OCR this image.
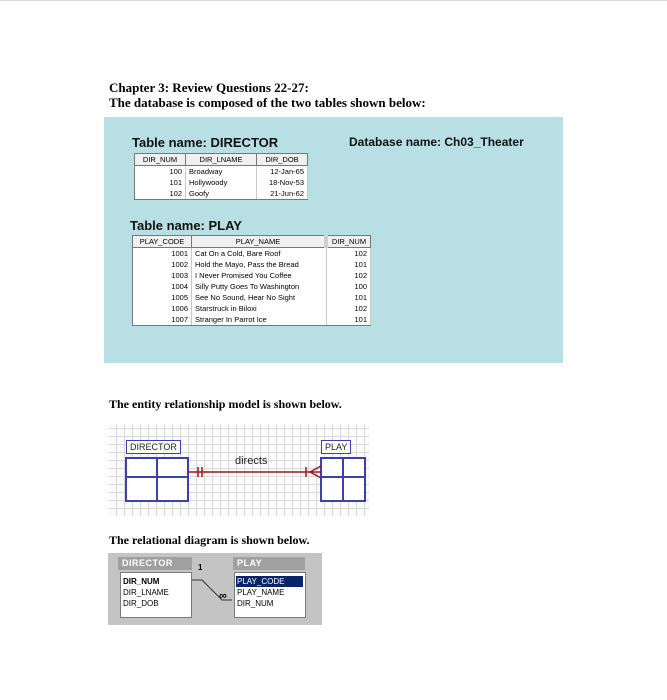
Chapter 3: Review Questions 22-27:
The database is composed of the two tables shown below:
Table name: DIRECTOR	Database name: Ch03_Theater
DIR_NUM	DIR_LNAME	DIR_DOB
100	Broadway	12-Jan-65
101	Hollywoody	18-Nov-53
102	Goofy	21-Jun-62
Table name: PLAY
PLAY_CODE	PLAY_NAME	DIR_NUM
1001	Cat On a Cold, Bare Roof	102
1002	Hold the Mayo, Pass the Bread	101
1003	I Never Promised You Coffee	102
1004	Silly Putty Goes To Washington	100
1005	See No Sound, Hear No Sight	101
1006	Starstruck in Biloxi	102
1007	Stranger In Parrot Ice	101
The entity relationship model is shown below.
DIRECTOR	PLAY
directs
The relational diagram is shown below.
DIRECTOR
DIR_NUM
DIR_LNAME
DIR_DOB
1
∞
PLAY
PLAY_CODE
PLAY_NAME
DIR_NUM
